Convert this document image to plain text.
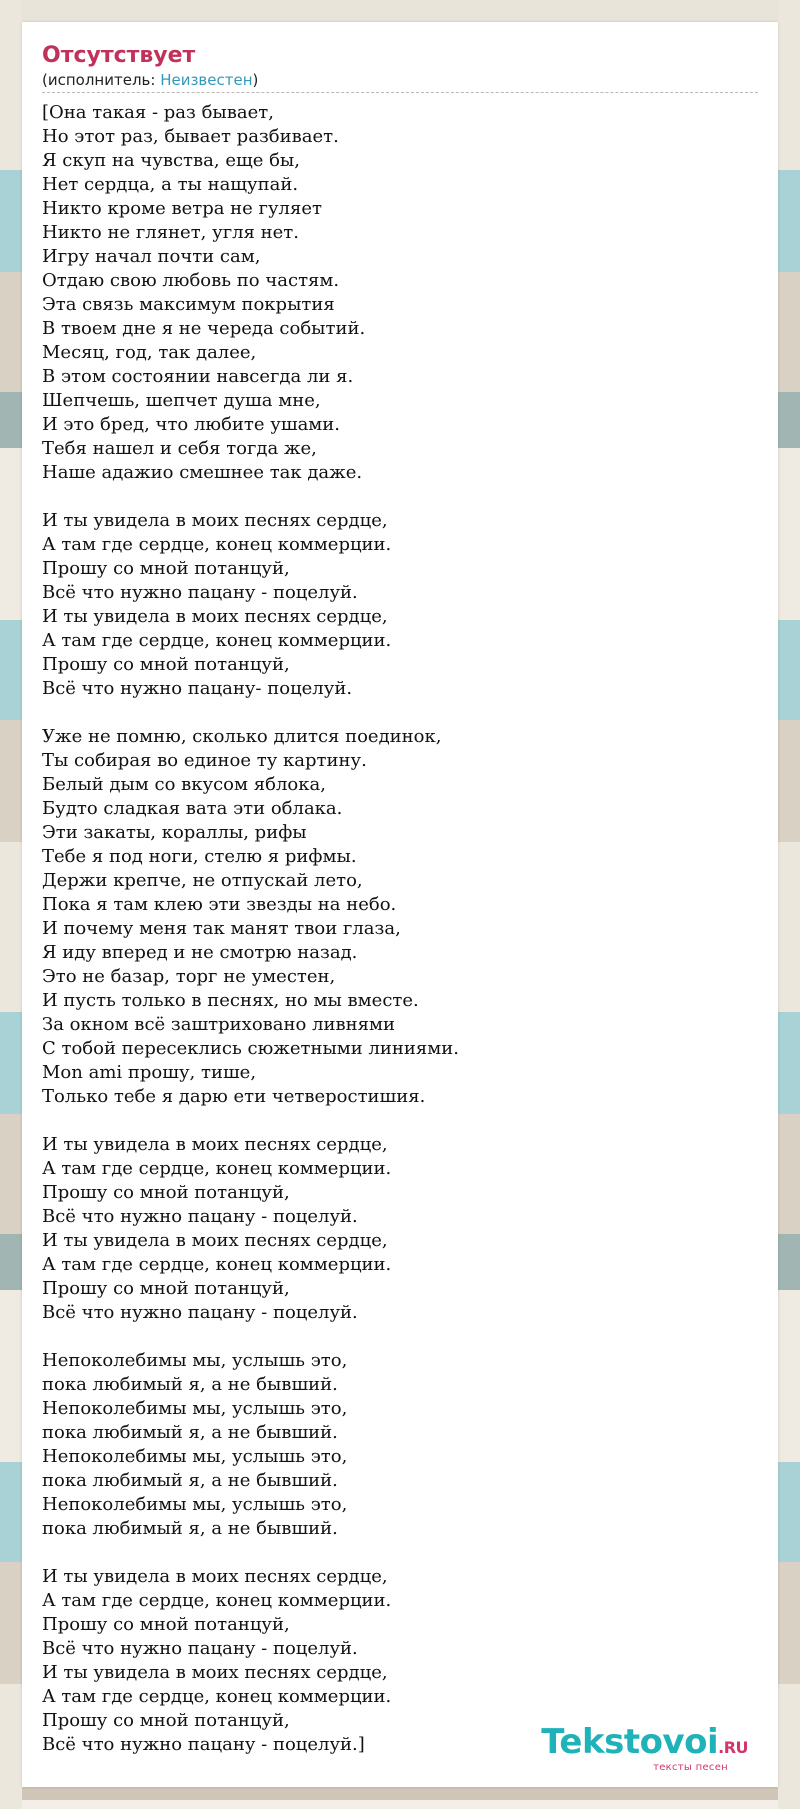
Отсутствует
(исполнитель: Неизвестен)
[Она такая - раз бывает,
Но этот раз, бывает разбивает.
Я скуп на чувства, еще бы,
Нет сердца, а ты нащупай.
Никто кроме ветра не гуляет
Никто не глянет, угля нет.
Игру начал почти сам,
Отдаю свою любовь по частям.
Эта связь максимум покрытия
В твоем дне я не череда событий.
Месяц, год, так далее,
В этом состоянии навсегда ли я.
Шепчешь, шепчет душа мне,
И это бред, что любите ушами.
Тебя нашел и себя тогда же,
Наше адажио смешнее так даже.
И ты увидела в моих песнях сердце,
А там где сердце, конец коммерции.
Прошу со мной потанцуй,
Всё что нужно пацану - поцелуй.
И ты увидела в моих песнях сердце,
А там где сердце, конец коммерции.
Прошу со мной потанцуй,
Всё что нужно пацану- поцелуй.
Уже не помню, сколько длится поединок,
Ты собирая во единое ту картину.
Белый дым со вкусом яблока,
Будто сладкая вата эти облака.
Эти закаты, кораллы, рифы
Тебе я под ноги, стелю я рифмы.
Держи крепче, не отпускай лето,
Пока я там клею эти звезды на небо.
И почему меня так манят твои глаза,
Я иду вперед и не смотрю назад.
Это не базар, торг не уместен,
И пусть только в песнях, но мы вместе.
За окном всё заштриховано ливнями
С тобой пересеклись сюжетными линиями.
Mon ami прошу, тише,
Только тебе я дарю ети четверостишия.
И ты увидела в моих песнях сердце,
А там где сердце, конец коммерции.
Прошу со мной потанцуй,
Всё что нужно пацану - поцелуй.
И ты увидела в моих песнях сердце,
А там где сердце, конец коммерции.
Прошу со мной потанцуй,
Всё что нужно пацану - поцелуй.
Непоколебимы мы, услышь это,
пока любимый я, а не бывший.
Непоколебимы мы, услышь это,
пока любимый я, а не бывший.
Непоколебимы мы, услышь это,
пока любимый я, а не бывший.
Непоколебимы мы, услышь это,
пока любимый я, а не бывший.
И ты увидела в моих песнях сердце,
А там где сердце, конец коммерции.
Прошу со мной потанцуй,
Всё что нужно пацану - поцелуй.
И ты увидела в моих песнях сердце,
А там где сердце, конец коммерции.
Прошу со мной потанцуй,
Всё что нужно пацану - поцелуй.]	Tekstovoi.RU
тексты песен
